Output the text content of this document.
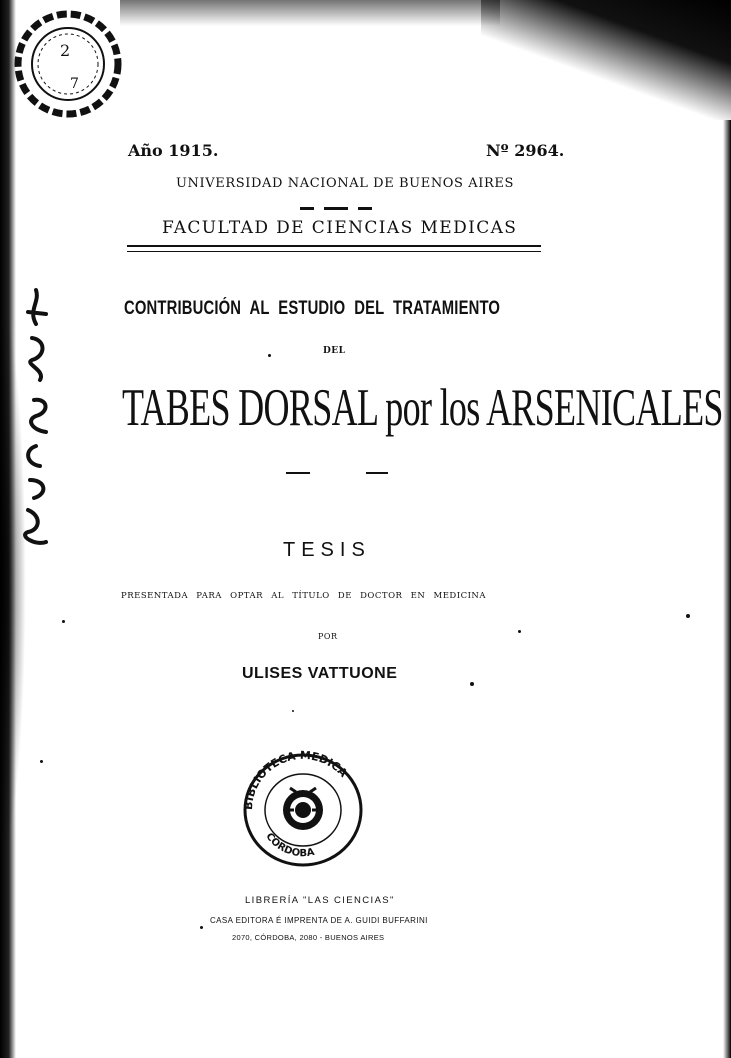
2
7
Año 1915.	Nº 2964.
UNIVERSIDAD NACIONAL DE BUENOS AIRES
FACULTAD DE CIENCIAS MEDICAS
CONTRIBUCIÓN AL ESTUDIO DEL TRATAMIENTO
DEL
TABES DORSAL por los ARSENICALES
TESIS
PRESENTADA PARA OPTAR AL TÍTULO DE DOCTOR EN MEDICINA
POR
ULISES VATTUONE
BIBLIOTECA MEDICA
CÓRDOBA
LIBRERÍA "LAS CIENCIAS"
CASA EDITORA É IMPRENTA DE A. GUIDI BUFFARINI
2070, CÓRDOBA, 2080 - BUENOS AIRES
